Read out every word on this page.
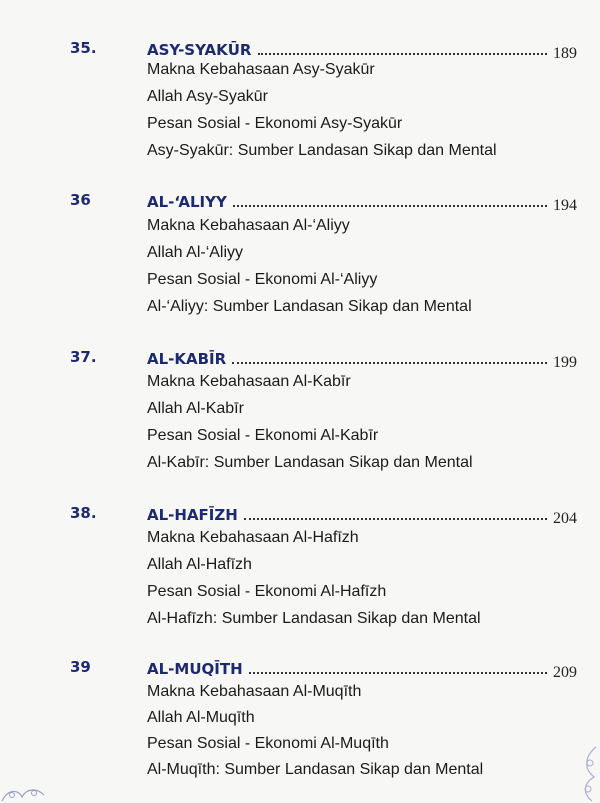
35.	ASY-SYAKŪR	189
Makna Kebahasaan Asy-Syakūr
Allah Asy-Syakūr
Pesan Sosial - Ekonomi Asy-Syakūr
Asy-Syakūr: Sumber Landasan Sikap dan Mental
36	AL-‘ALIYY	194
Makna Kebahasaan Al-‘Aliyy
Allah Al-‘Aliyy
Pesan Sosial - Ekonomi Al-‘Aliyy
Al-‘Aliyy: Sumber Landasan Sikap dan Mental
37.	AL-KABĪR	199
Makna Kebahasaan Al-Kabīr
Allah Al-Kabīr
Pesan Sosial - Ekonomi Al-Kabīr
Al-Kabīr: Sumber Landasan Sikap dan Mental
38.	AL-HAFĪZH	204
Makna Kebahasaan Al-Hafīzh
Allah Al-Hafīzh
Pesan Sosial - Ekonomi Al-Hafīzh
Al-Hafīzh: Sumber Landasan Sikap dan Mental
39	AL-MUQĪTH	209
Makna Kebahasaan Al-Muqīth
Allah Al-Muqīth
Pesan Sosial - Ekonomi Al-Muqīth
Al-Muqīth: Sumber Landasan Sikap dan Mental
